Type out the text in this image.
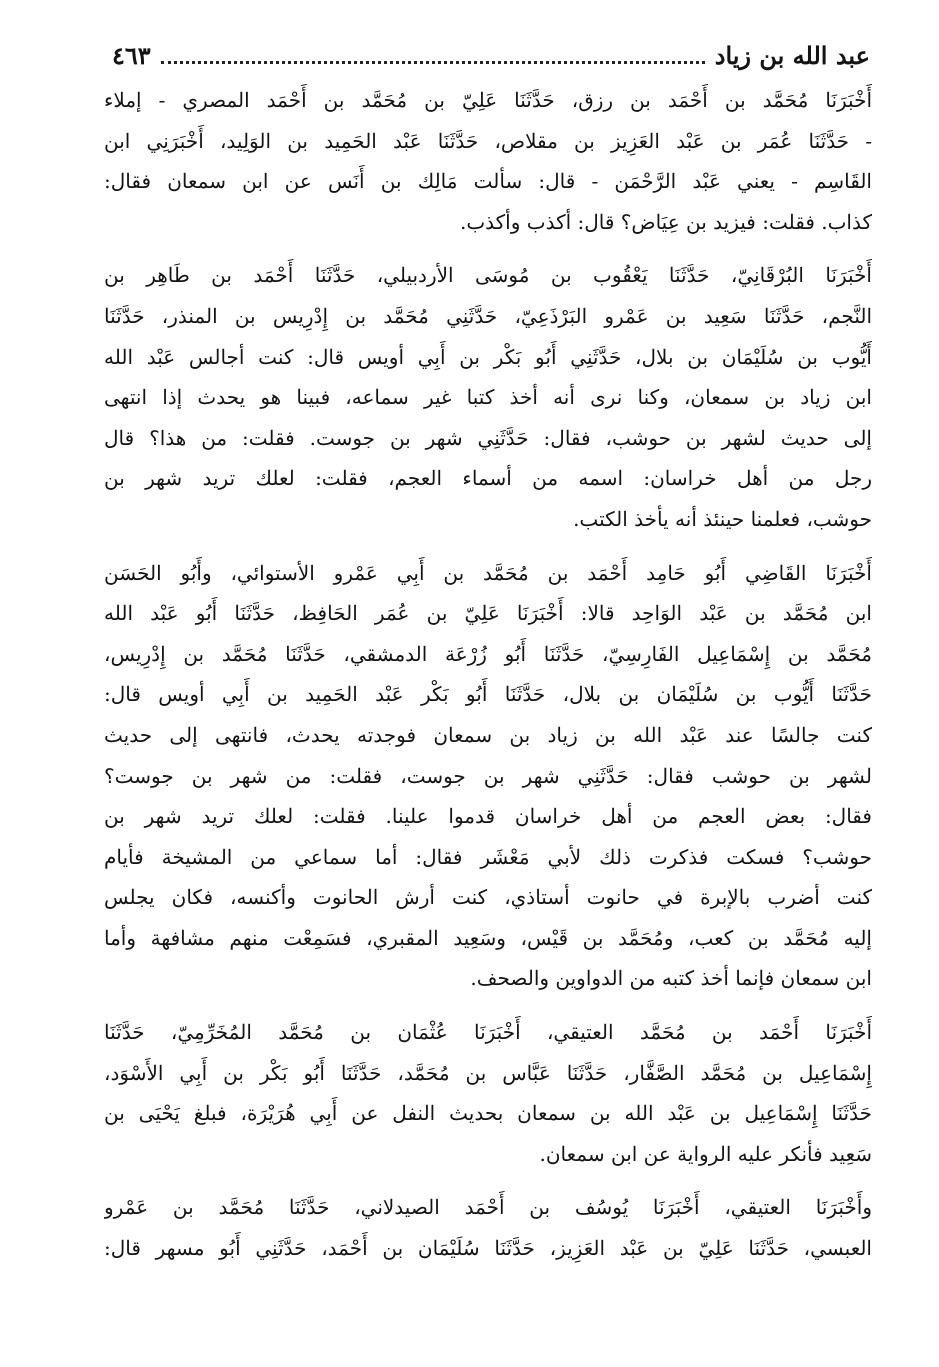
عبد الله بن زياد
٤٦٣
أَخْبَرَنَا مُحَمَّد بن أَحْمَد بن رزق، حَدَّثَنَا عَلِيّ بن مُحَمَّد بن أَحْمَد المصري - إملاء
- حَدَّثَنَا عُمَر بن عَبْد العَزِيز بن مقلاص، حَدَّثَنَا عَبْد الحَمِيد بن الوَلِيد، أَخْبَرَنِي ابن
القَاسِم - يعني عَبْد الرَّحْمَن - قال: سألت مَالِك بن أَنَس عن ابن سمعان فقال:
كذاب. فقلت: فيزيد بن عِيَاض؟ قال: أكذب وأكذب.
أَخْبَرَنَا البُرْقَانِيّ، حَدَّثَنَا يَعْقُوب بن مُوسَى الأردبيلي، حَدَّثَنَا أَحْمَد بن طَاهِر بن
النَّجم، حَدَّثَنَا سَعِيد بن عَمْرو البَرْذَعِيّ، حَدَّثَنِي مُحَمَّد بن إِدْرِيس بن المنذر، حَدَّثَنَا
أَيُّوب بن سُلَيْمَان بن بلال، حَدَّثَنِي أَبُو بَكْر بن أَبِي أويس قال: كنت أجالس عَبْد الله
ابن زياد بن سمعان، وكنا نرى أنه أخذ كتبا غير سماعه، فبينا هو يحدث إذا انتهى
إلى حديث لشهر بن حوشب، فقال: حَدَّثَنِي شهر بن جوست. فقلت: من هذا؟ قال
رجل من أهل خراسان: اسمه من أسماء العجم، فقلت: لعلك تريد شهر بن
حوشب، فعلمنا حينئذ أنه يأخذ الكتب.
أَخْبَرَنَا القَاضِي أَبُو حَامِد أَحْمَد بن مُحَمَّد بن أَبِي عَمْرو الأستوائي، وأَبُو الحَسَن
ابن مُحَمَّد بن عَبْد الوَاحِد قالا: أَخْبَرَنَا عَلِيّ بن عُمَر الحَافِظ، حَدَّثَنَا أَبُو عَبْد الله
مُحَمَّد بن إِسْمَاعِيل الفَارِسِيّ، حَدَّثَنَا أَبُو زُرْعَة الدمشقي، حَدَّثَنَا مُحَمَّد بن إِدْرِيس،
حَدَّثَنَا أَيُّوب بن سُلَيْمَان بن بلال، حَدَّثَنَا أَبُو بَكْر عَبْد الحَمِيد بن أَبِي أويس قال:
كنت جالسًا عند عَبْد الله بن زياد بن سمعان فوجدته يحدث، فانتهى إلى حديث
لشهر بن حوشب فقال: حَدَّثَنِي شهر بن جوست، فقلت: من شهر بن جوست؟
فقال: بعض العجم من أهل خراسان قدموا علينا. فقلت: لعلك تريد شهر بن
حوشب؟ فسكت فذكرت ذلك لأبي مَعْشَر فقال: أما سماعي من المشيخة فأيام
كنت أضرب بالإبرة في حانوت أستاذي، كنت أرش الحانوت وأكنسه، فكان يجلس
إليه مُحَمَّد بن كعب، ومُحَمَّد بن قَيْس، وسَعِيد المقبري، فسَمِعْت منهم مشافهة وأما
ابن سمعان فإنما أخذ كتبه من الدواوين والصحف.
أَخْبَرَنَا أَحْمَد بن مُحَمَّد العتيقي، أَخْبَرَنَا عُثْمَان بن مُحَمَّد المُخَرِّمِيّ، حَدَّثَنَا
إِسْمَاعِيل بن مُحَمَّد الصَّفَّار، حَدَّثَنَا عَبَّاس بن مُحَمَّد، حَدَّثَنَا أَبُو بَكْر بن أَبِي الأَسْوَد،
حَدَّثَنَا إِسْمَاعِيل بن عَبْد الله بن سمعان بحديث النفل عن أَبِي هُرَيْرَة، فبلغ يَحْيَى بن
سَعِيد فأنكر عليه الرواية عن ابن سمعان.
وأَخْبَرَنَا العتيقي، أَخْبَرَنَا يُوسُف بن أَحْمَد الصيدلاني، حَدَّثَنَا مُحَمَّد بن عَمْرو
العبسي، حَدَّثَنَا عَلِيّ بن عَبْد العَزِيز، حَدَّثَنَا سُلَيْمَان بن أَحْمَد، حَدَّثَنِي أَبُو مسهر قال:
